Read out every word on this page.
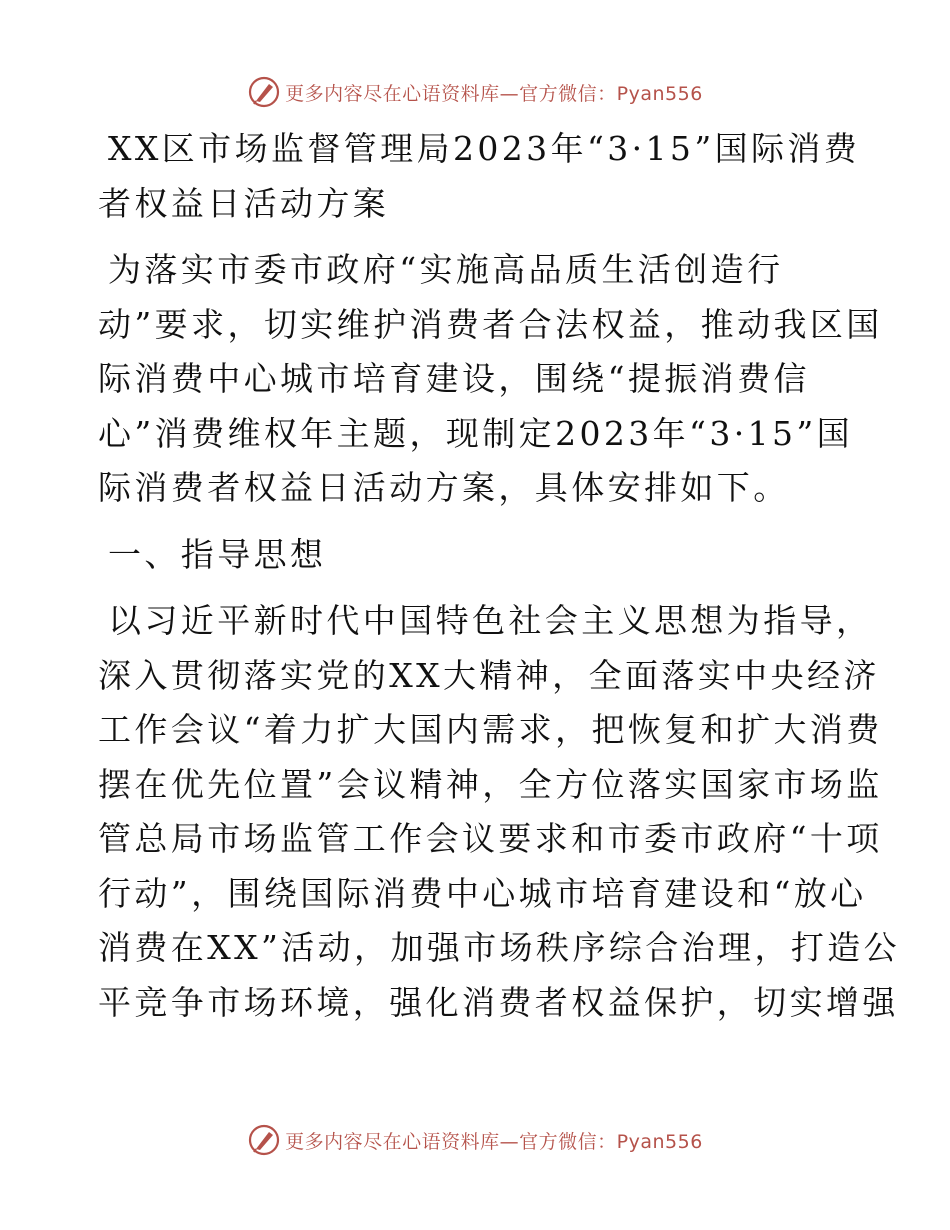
更多内容尽在心语资料库—官方微信：Pyan556
XX区市场监督管理局2023年“3·15”国际消费
者权益日活动方案
为落实市委市政府“实施高品质生活创造行
动”要求，切实维护消费者合法权益，推动我区国
际消费中心城市培育建设，围绕“提振消费信
心”消费维权年主题，现制定2023年“3·15”国
际消费者权益日活动方案，具体安排如下。
一、指导思想
以习近平新时代中国特色社会主义思想为指导，
深入贯彻落实党的XX大精神，全面落实中央经济
工作会议“着力扩大国内需求，把恢复和扩大消费
摆在优先位置”会议精神，全方位落实国家市场监
管总局市场监管工作会议要求和市委市政府“十项
行动”，围绕国际消费中心城市培育建设和“放心
消费在XX”活动，加强市场秩序综合治理，打造公
平竞争市场环境，强化消费者权益保护，切实增强
更多内容尽在心语资料库—官方微信：Pyan556
